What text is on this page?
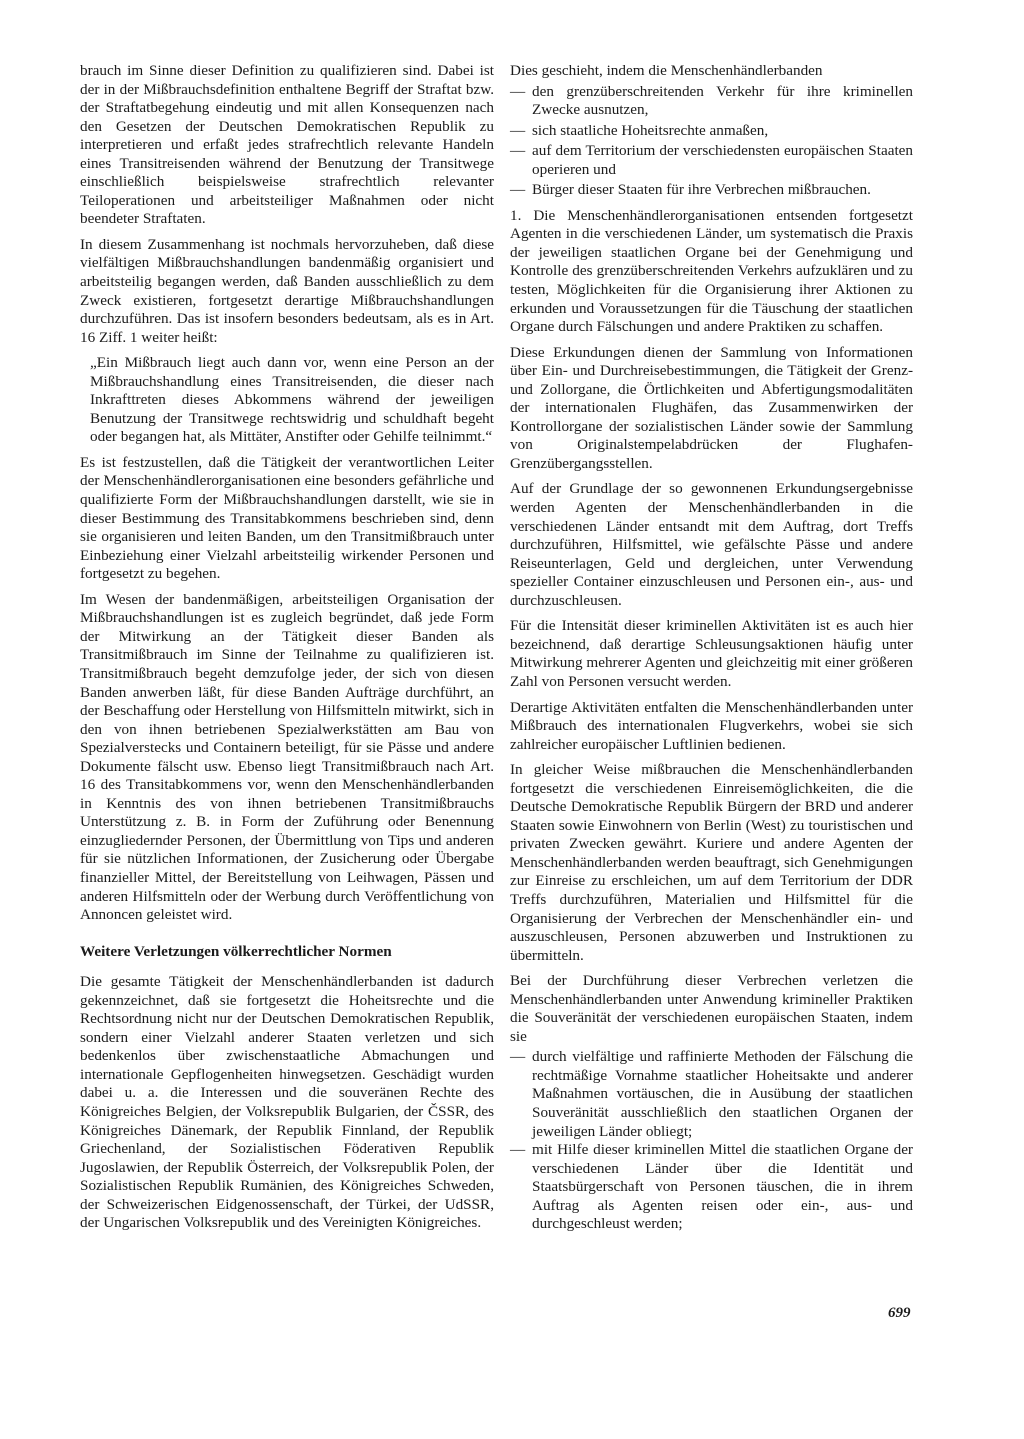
brauch im Sinne dieser Definition zu qualifizieren sind. Dabei ist der in der Mißbrauchsdefinition enthaltene Begriff der Straftat bzw. der Straftatbegehung eindeutig und mit allen Konsequenzen nach den Gesetzen der Deutschen Demokratischen Republik zu interpretieren und erfaßt jedes strafrechtlich relevante Handeln eines Transitreisenden während der Benutzung der Transitwege einschließlich beispielsweise strafrechtlich relevanter Teiloperationen und arbeitsteiliger Maßnahmen oder nicht beendeter Straftaten.

In diesem Zusammenhang ist nochmals hervorzuheben, daß diese vielfältigen Mißbrauchshandlungen bandenmäßig organisiert und arbeitsteilig begangen werden, daß Banden ausschließlich zu dem Zweck existieren, fortgesetzt derartige Mißbrauchshandlungen durchzuführen. Das ist insofern besonders bedeutsam, als es in Art. 16 Ziff. 1 weiter heißt:

„Ein Mißbrauch liegt auch dann vor, wenn eine Person an der Mißbrauchshandlung eines Transitreisenden, die dieser nach Inkrafttreten dieses Abkommens während der jeweiligen Benutzung der Transitwege rechtswidrig und schuldhaft begeht oder begangen hat, als Mittäter, Anstifter oder Gehilfe teilnimmt.“

Es ist festzustellen, daß die Tätigkeit der verantwortlichen Leiter der Menschenhändlerorganisationen eine besonders gefährliche und qualifizierte Form der Mißbrauchshandlungen darstellt, wie sie in dieser Bestimmung des Transitabkommens beschrieben sind, denn sie organisieren und leiten Banden, um den Transitmißbrauch unter Einbeziehung einer Vielzahl arbeitsteilig wirkender Personen und fortgesetzt zu begehen.

Im Wesen der bandenmäßigen, arbeitsteiligen Organisation der Mißbrauchshandlungen ist es zugleich begründet, daß jede Form der Mitwirkung an der Tätigkeit dieser Banden als Transitmißbrauch im Sinne der Teilnahme zu qualifizieren ist. Transitmißbrauch begeht demzufolge jeder, der sich von diesen Banden anwerben läßt, für diese Banden Aufträge durchführt, an der Beschaffung oder Herstellung von Hilfsmitteln mitwirkt, sich in den von ihnen betriebenen Spezialwerkstätten am Bau von Spezialverstecks und Containern beteiligt, für sie Pässe und andere Dokumente fälscht usw. Ebenso liegt Transitmißbrauch nach Art. 16 des Transitabkommens vor, wenn den Menschenhändlerbanden in Kenntnis des von ihnen betriebenen Transitmißbrauchs Unterstützung z. B. in Form der Zuführung oder Benennung einzugliedernder Personen, der Übermittlung von Tips und anderen für sie nützlichen Informationen, der Zusicherung oder Übergabe finanzieller Mittel, der Bereitstellung von Leihwagen, Pässen und anderen Hilfsmitteln oder der Werbung durch Veröffentlichung von Annoncen geleistet wird.

Weitere Verletzungen völkerrechtlicher Normen

Die gesamte Tätigkeit der Menschenhändlerbanden ist dadurch gekennzeichnet, daß sie fortgesetzt die Hoheitsrechte und die Rechtsordnung nicht nur der Deutschen Demokratischen Republik, sondern einer Vielzahl anderer Staaten verletzen und sich bedenkenlos über zwischenstaatliche Abmachungen und internationale Gepflogenheiten hinwegsetzen. Geschädigt wurden dabei u. a. die Interessen und die souveränen Rechte des Königreiches Belgien, der Volksrepublik Bulgarien, der ČSSR, des Königreiches Dänemark, der Republik Finnland, der Republik Griechenland, der Sozialistischen Föderativen Republik Jugoslawien, der Republik Österreich, der Volksrepublik Polen, der Sozialistischen Republik Rumänien, des Königreiches Schweden, der Schweizerischen Eidgenossenschaft, der Türkei, der UdSSR, der Ungarischen Volksrepublik und des Vereinigten Königreiches.

Dies geschieht, indem die Menschenhändlerbanden

— den grenzüberschreitenden Verkehr für ihre kriminellen Zwecke ausnutzen,
— sich staatliche Hoheitsrechte anmaßen,
— auf dem Territorium der verschiedensten europäischen Staaten operieren und
— Bürger dieser Staaten für ihre Verbrechen mißbrauchen.

1. Die Menschenhändlerorganisationen entsenden fortgesetzt Agenten in die verschiedenen Länder, um systematisch die Praxis der jeweiligen staatlichen Organe bei der Genehmigung und Kontrolle des grenzüberschreitenden Verkehrs aufzuklären und zu testen, Möglichkeiten für die Organisierung ihrer Aktionen zu erkunden und Voraussetzungen für die Täuschung der staatlichen Organe durch Fälschungen und andere Praktiken zu schaffen.

Diese Erkundungen dienen der Sammlung von Informationen über Ein- und Durchreisebestimmungen, die Tätigkeit der Grenz- und Zollorgane, die Örtlichkeiten und Abfertigungsmodalitäten der internationalen Flughäfen, das Zusammenwirken der Kontrollorgane der sozialistischen Länder sowie der Sammlung von Originalstempelabdrücken der Flughafen-Grenzübergangsstellen.

Auf der Grundlage der so gewonnenen Erkundungsergebnisse werden Agenten der Menschenhändlerbanden in die verschiedenen Länder entsandt mit dem Auftrag, dort Treffs durchzuführen, Hilfsmittel, wie gefälschte Pässe und andere Reiseunterlagen, Geld und dergleichen, unter Verwendung spezieller Container einzuschleusen und Personen ein-, aus- und durchzuschleusen.

Für die Intensität dieser kriminellen Aktivitäten ist es auch hier bezeichnend, daß derartige Schleusungsaktionen häufig unter Mitwirkung mehrerer Agenten und gleichzeitig mit einer größeren Zahl von Personen versucht werden.

Derartige Aktivitäten entfalten die Menschenhändlerbanden unter Mißbrauch des internationalen Flugverkehrs, wobei sie sich zahlreicher europäischer Luftlinien bedienen.

In gleicher Weise mißbrauchen die Menschenhändlerbanden fortgesetzt die verschiedenen Einreisemöglichkeiten, die die Deutsche Demokratische Republik Bürgern der BRD und anderer Staaten sowie Einwohnern von Berlin (West) zu touristischen und privaten Zwecken gewährt. Kuriere und andere Agenten der Menschenhändlerbanden werden beauftragt, sich Genehmigungen zur Einreise zu erschleichen, um auf dem Territorium der DDR Treffs durchzuführen, Materialien und Hilfsmittel für die Organisierung der Verbrechen der Menschenhändler ein- und auszuschleusen, Personen abzuwerben und Instruktionen zu übermitteln.

Bei der Durchführung dieser Verbrechen verletzen die Menschenhändlerbanden unter Anwendung krimineller Praktiken die Souveränität der verschiedenen europäischen Staaten, indem sie

— durch vielfältige und raffinierte Methoden der Fälschung die rechtmäßige Vornahme staatlicher Hoheitsakte und anderer Maßnahmen vortäuschen, die in Ausübung der staatlichen Souveränität ausschließlich den staatlichen Organen der jeweiligen Länder obliegt;
— mit Hilfe dieser kriminellen Mittel die staatlichen Organe der verschiedenen Länder über die Identität und Staatsbürgerschaft von Personen täuschen, die in ihrem Auftrag als Agenten reisen oder ein-, aus- und durchgeschleust werden;
699
